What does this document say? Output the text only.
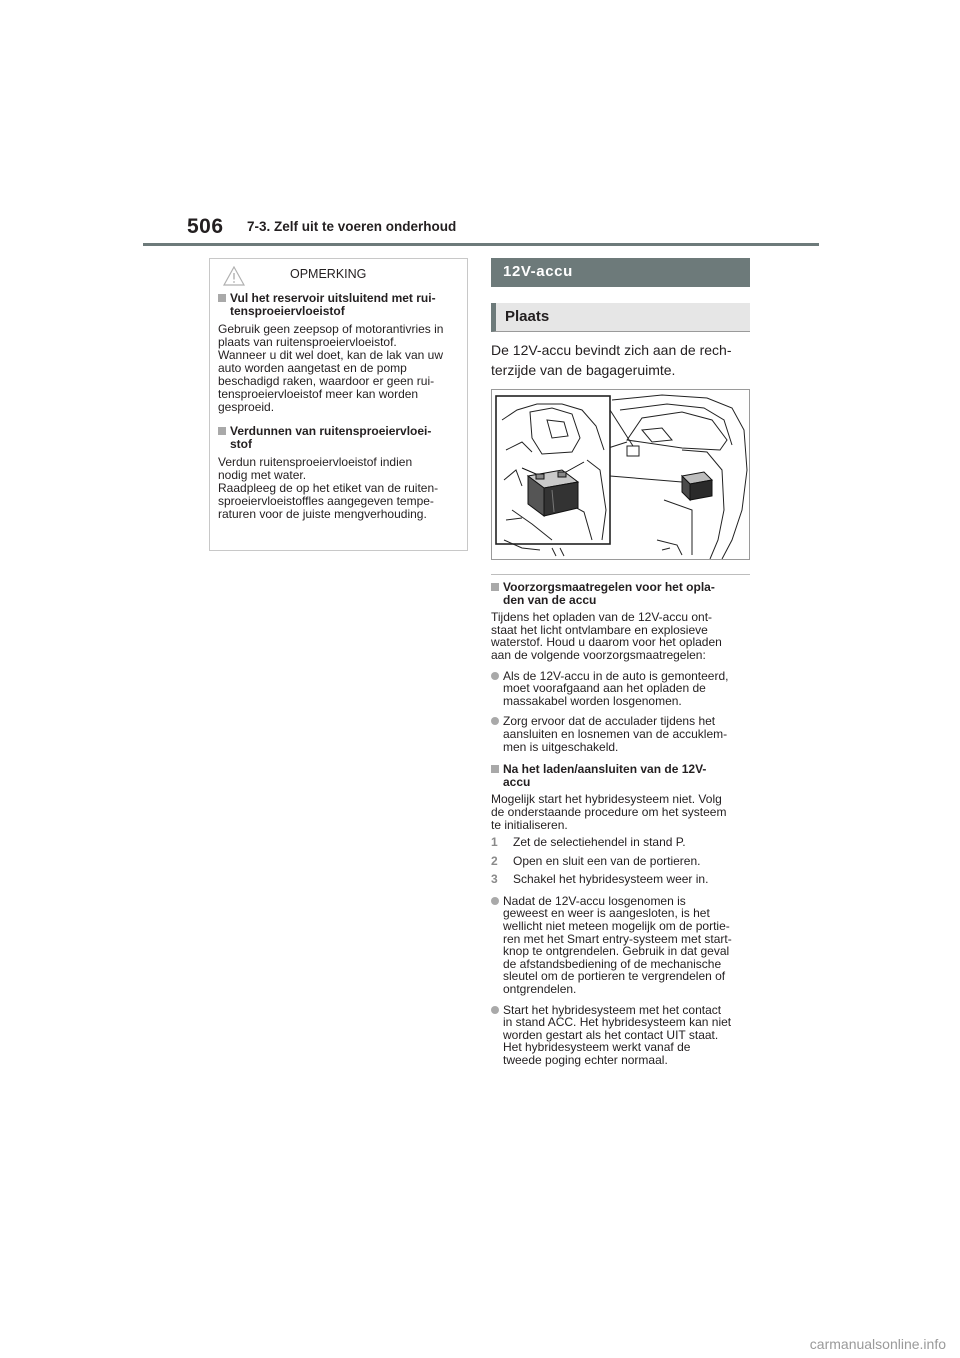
506 7-3. Zelf uit te voeren onderhoud
OPMERKING
Vul het reservoir uitsluitend met rui-
tensproeiervloeistof

Gebruik geen zeepsop of motorantivries in
plaats van ruitensproeiervloeistof.
Wanneer u dit wel doet, kan de lak van uw
auto worden aangetast en de pomp
beschadigd raken, waardoor er geen rui-
tensproeiervloeistof meer kan worden
gesproeid.

Verdunnen van ruitensproeiervloei-
stof

Verdun ruitensproeiervloeistof indien
nodig met water.
Raadpleeg de op het etiket van de ruiten-
sproeiervloeistoffles aangegeven tempe-
raturen voor de juiste mengverhouding.

12V-accu
Plaats
De 12V-accu bevindt zich aan de rech-
terzijde van de bagageruimte.
Voorzorgsmaatregelen voor het opla-
den van de accu

Tijdens het opladen van de 12V-accu ont-
staat het licht ontvlambare en explosieve
waterstof. Houd u daarom voor het opladen
aan de volgende voorzorgsmaatregelen:

Als de 12V-accu in de auto is gemonteerd,
moet voorafgaand aan het opladen de
massakabel worden losgenomen.
Zorg ervoor dat de acculader tijdens het
aansluiten en losnemen van de accuklem-
men is uitgeschakeld.
Na het laden/aansluiten van de 12V-
accu

Mogelijk start het hybridesysteem niet. Volg
de onderstaande procedure om het systeem
te initialiseren.

1 Zet de selectiehendel in stand P.
2 Open en sluit een van de portieren.
3 Schakel het hybridesysteem weer in.
Nadat de 12V-accu losgenomen is
geweest en weer is aangesloten, is het
wellicht niet meteen mogelijk om de portie-
ren met het Smart entry-systeem met start-
knop te ontgrendelen. Gebruik in dat geval
de afstandsbediening of de mechanische
sleutel om de portieren te vergrendelen of
ontgrendelen.
Start het hybridesysteem met het contact
in stand ACC. Het hybridesysteem kan niet
worden gestart als het contact UIT staat.
Het hybridesysteem werkt vanaf de
tweede poging echter normaal.
carmanualsonline.info
